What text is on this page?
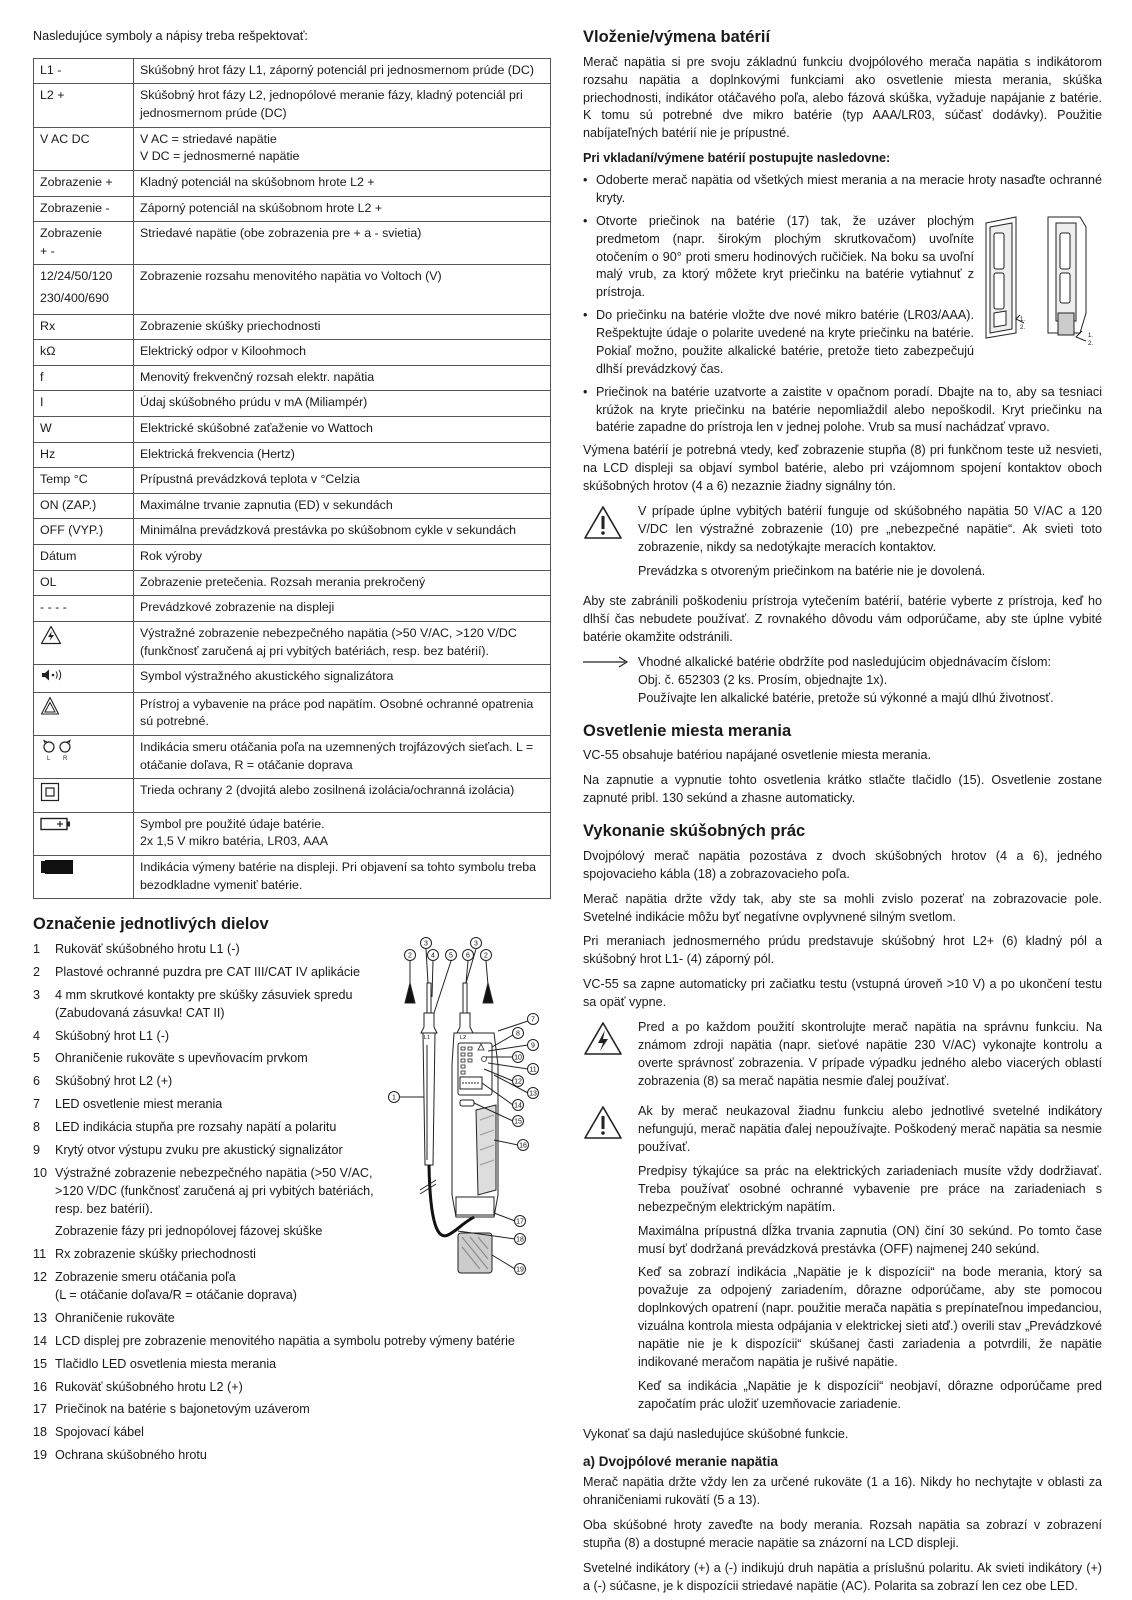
Nasledujúce symboly a nápisy treba rešpektovať:

L1 -	Skúšobný hrot fázy L1, záporný potenciál pri jednosmernom prúde (DC)

L2 +	Skúšobný hrot fázy L2, jednopólové meranie fázy, kladný potenciál pri jednosmernom prúde (DC)

V AC DC	V AC = striedavé napätie
V DC = jednosmerné napätie

Zobrazenie +	Kladný potenciál na skúšobnom hrote L2 +

Zobrazenie -	Záporný potenciál na skúšobnom hrote L2 +

Zobrazenie
+ -	Striedavé napätie (obe zobrazenia pre + a - svietia)

12/24/50/120
230/400/690	Zobrazenie rozsahu menovitého napätia vo Voltoch (V)

Rx	Zobrazenie skúšky priechodnosti

kΩ	Elektrický odpor v Kiloohmoch

f	Menovitý frekvenčný rozsah elektr. napätia

I	Údaj skúšobného prúdu v mA (Miliampér)

W	Elektrické skúšobné zaťaženie vo Wattoch

Hz	Elektrická frekvencia (Hertz)

Temp °C	Prípustná prevádzková teplota v °Celzia

ON (ZAP.)	Maximálne trvanie zapnutia (ED) v sekundách

OFF (VYP.)	Minimálna prevádzková prestávka po skúšobnom cykle v sekundách

Dátum	Rok výroby

OL	Zobrazenie pretečenia. Rozsah merania prekročený

- - - -	Prevádzkové zobrazenie na displeji

Výstražné zobrazenie nebezpečného napätia (>50 V/AC, >120 V/DC (funkčnosť zaručená aj pri vybitých batériách, resp. bez batérií).

Symbol výstražného akustického signalizátora

Prístroj a vybavenie na práce pod napätím. Osobné ochranné opatrenia sú potrebné.

L R	Indikácia smeru otáčania poľa na uzemnených trojfázových sieťach. L = otáčanie doľava, R = otáčanie doprava

Trieda ochrany 2 (dvojitá alebo zosilnená izolácia/ochranná izolácia)

Symbol pre použité údaje batérie.
2x 1,5 V mikro batéria, LR03, AAA

Indikácia výmeny batérie na displeji. Pri objavení sa tohto symbolu treba bezodkladne vymeniť batérie.
Označenie jednotlivých dielov
1	Rukoväť skúšobného hrotu L1 (-)
2	Plastové ochranné puzdra pre CAT III/CAT IV aplikácie
3	4 mm skrutkové kontakty pre skúšky zásuviek spredu (Zabudovaná zásuvka! CAT II)
4	Skúšobný hrot L1 (-)
5	Ohraničenie rukoväte s upevňovacím prvkom
6	Skúšobný hrot L2 (+)
7	LED osvetlenie miest merania
8	LED indikácia stupňa pre rozsahy napätí a polaritu
9	Krytý otvor výstupu zvuku pre akustický signalizátor
10 Výstražné zobrazenie nebezpečného napätia (>50 V/AC, >120 V/DC (funkčnosť zaručená aj pri vybitých batériách, resp. bez batérií).
Zobrazenie fázy pri jednopólovej fázovej skúške
11 Rx zobrazenie skúšky priechodnosti
12 Zobrazenie smeru otáčania poľa
(L = otáčanie doľava/R = otáčanie doprava)
13 Ohraničenie rukoväte
14 LCD displej pre zobrazenie menovitého napätia a symbolu potreby výmeny batérie
15 Tlačidlo LED osvetlenia miesta merania
16 Rukoväť skúšobného hrotu L2 (+)
17 Priečinok na batérie s bajonetovým uzáverom
18 Spojovací kábel
19 Ochrana skúšobného hrotu
3
2	4 5 6
3
2
7
8
9
10
11
12
13
14
15
16
17
18
19
1
L1	L2
Vloženie/výmena batérií

Merač napätia si pre svoju základnú funkciu dvojpólového merača napätia s indikátorom rozsahu napätia a doplnkovými funkciami ako osvetlenie miesta merania, skúška priechodnosti, indikátor otáčavého poľa, alebo fázová skúška, vyžaduje napájanie z batérie. K tomu sú potrebné dve mikro batérie (typ AAA/LR03, súčasť dodávky). Použitie nabíjateľných batérií nie je prípustné.

Pri vkladaní/výmene batérií postupujte nasledovne:

• Odoberte merač napätia od všetkých miest merania a na meracie hroty nasaďte ochranné kryty.
• Otvorte priečinok na batérie (17) tak, že uzáver plochým predmetom (napr. širokým plochým skrutkovačom) uvoľníte otočením o 90° proti smeru hodinových ručičiek. Na boku sa uvoľní malý vrub, za ktorý môžete kryt priečinku na batérie vytiahnuť z prístroja.
• Do priečinku na batérie vložte dve nové mikro batérie (LR03/AAA). Rešpektujte údaje o polarite uvedené na kryte priečinku na batérie. Pokiaľ možno, použite alkalické batérie, pretože tieto zabezpečujú dlhší prevádzkový čas.
1.
2.
1.
2.
• Priečinok na batérie uzatvorte a zaistite v opačnom poradí. Dbajte na to, aby sa tesniaci krúžok na kryte priečinku na batérie nepomliaždil alebo nepoškodil. Kryt priečinku na batérie zapadne do prístroja len v jednej polohe. Vrub sa musí nachádzať vpravo.

Výmena batérií je potrebná vtedy, keď zobrazenie stupňa (8) pri funkčnom teste už nesvieti, na LCD displeji sa objaví symbol batérie, alebo pri vzájomnom spojení kontaktov oboch skúšobných hrotov (4 a 6) nezaznie žiadny signálny tón.

V prípade úplne vybitých batérií funguje od skúšobného napätia 50 V/AC a 120 V/DC len výstražné zobrazenie (10) pre „nebezpečné napätie“. Ak svieti toto zobrazenie, nikdy sa nedotýkajte meracích kontaktov.

Prevádzka s otvoreným priečinkom na batérie nie je dovolená.

Aby ste zabránili poškodeniu prístroja vytečením batérií, batérie vyberte z prístroja, keď ho dlhší čas nebudete používať. Z rovnakého dôvodu vám odporúčame, aby ste úplne vybité batérie okamžite odstránili.

Vhodné alkalické batérie obdržíte pod nasledujúcim objednávacím číslom:
Obj. č. 652303 (2 ks. Prosím, objednajte 1x).
Používajte len alkalické batérie, pretože sú výkonné a majú dlhú životnosť.
Osvetlenie miesta merania

VC-55 obsahuje batériou napájané osvetlenie miesta merania.

Na zapnutie a vypnutie tohto osvetlenia krátko stlačte tlačidlo (15). Osvetlenie zostane zapnuté pribl. 130 sekúnd a zhasne automaticky.

Vykonanie skúšobných prác

Dvojpólový merač napätia pozostáva z dvoch skúšobných hrotov (4 a 6), jedného spojovacieho kábla (18) a zobrazovacieho poľa.

Merač napätia držte vždy tak, aby ste sa mohli zvislo pozerať na zobrazovacie pole. Svetelné indikácie môžu byť negatívne ovplyvnené silným svetlom.

Pri meraniach jednosmerného prúdu predstavuje skúšobný hrot L2+ (6) kladný pól a skúšobný hrot L1- (4) záporný pól.

VC-55 sa zapne automaticky pri začiatku testu (vstupná úroveň >10 V) a po ukončení testu sa opäť vypne.

Pred a po každom použití skontrolujte merač napätia na správnu funkciu. Na známom zdroji napätia (napr. sieťové napätie 230 V/AC) vykonajte kontrolu a overte správnosť zobrazenia. V prípade výpadku jedného alebo viacerých oblastí zobrazenia (8) sa merač napätia nesmie ďalej používať.

Ak by merač neukazoval žiadnu funkciu alebo jednotlivé svetelné indikátory nefungujú, merač napätia ďalej nepoužívajte. Poškodený merač napätia sa nesmie používať.

Predpisy týkajúce sa prác na elektrických zariadeniach musíte vždy dodržiavať. Treba používať osobné ochranné vybavenie pre práce na zariadeniach s nebezpečným elektrickým napätím.

Maximálna prípustná dĺžka trvania zapnutia (ON) činí 30 sekúnd. Po tomto čase musí byť dodržaná prevádzková prestávka (OFF) najmenej 240 sekúnd.

Keď sa zobrazí indikácia „Napätie je k dispozícii“ na bode merania, ktorý sa považuje za odpojený zariadením, dôrazne odporúčame, aby ste pomocou doplnkových opatrení (napr. použitie merača napätia s prepínateľnou impedanciou, vizuálna kontrola miesta odpájania v elektrickej sieti atď.) overili stav „Prevádzkové napätie nie je k dispozícii“ skúšanej časti zariadenia a potvrdili, že napätie indikované meračom napätia je rušivé napätie.

Keď sa indikácia „Napätie je k dispozícii“ neobjaví, dôrazne odporúčame pred započatím prác uložiť uzemňovacie zariadenie.

Vykonať sa dajú nasledujúce skúšobné funkcie.

a) Dvojpólové meranie napätia

Merač napätia držte vždy len za určené rukoväte (1 a 16). Nikdy ho nechytajte v oblasti za ohraničeniami rukovätí (5 a 13).

Oba skúšobné hroty zaveďte na body merania. Rozsah napätia sa zobrazí v zobrazení stupňa (8) a dostupné meracie napätie sa znázorní na LCD displeji.

Svetelné indikátory (+) a (-) indikujú druh napätia a príslušnú polaritu. Ak svieti indikátory (+) a (-) súčasne, je k dispozícii striedavé napätie (AC). Polarita sa zobrazí len cez obe LED.
